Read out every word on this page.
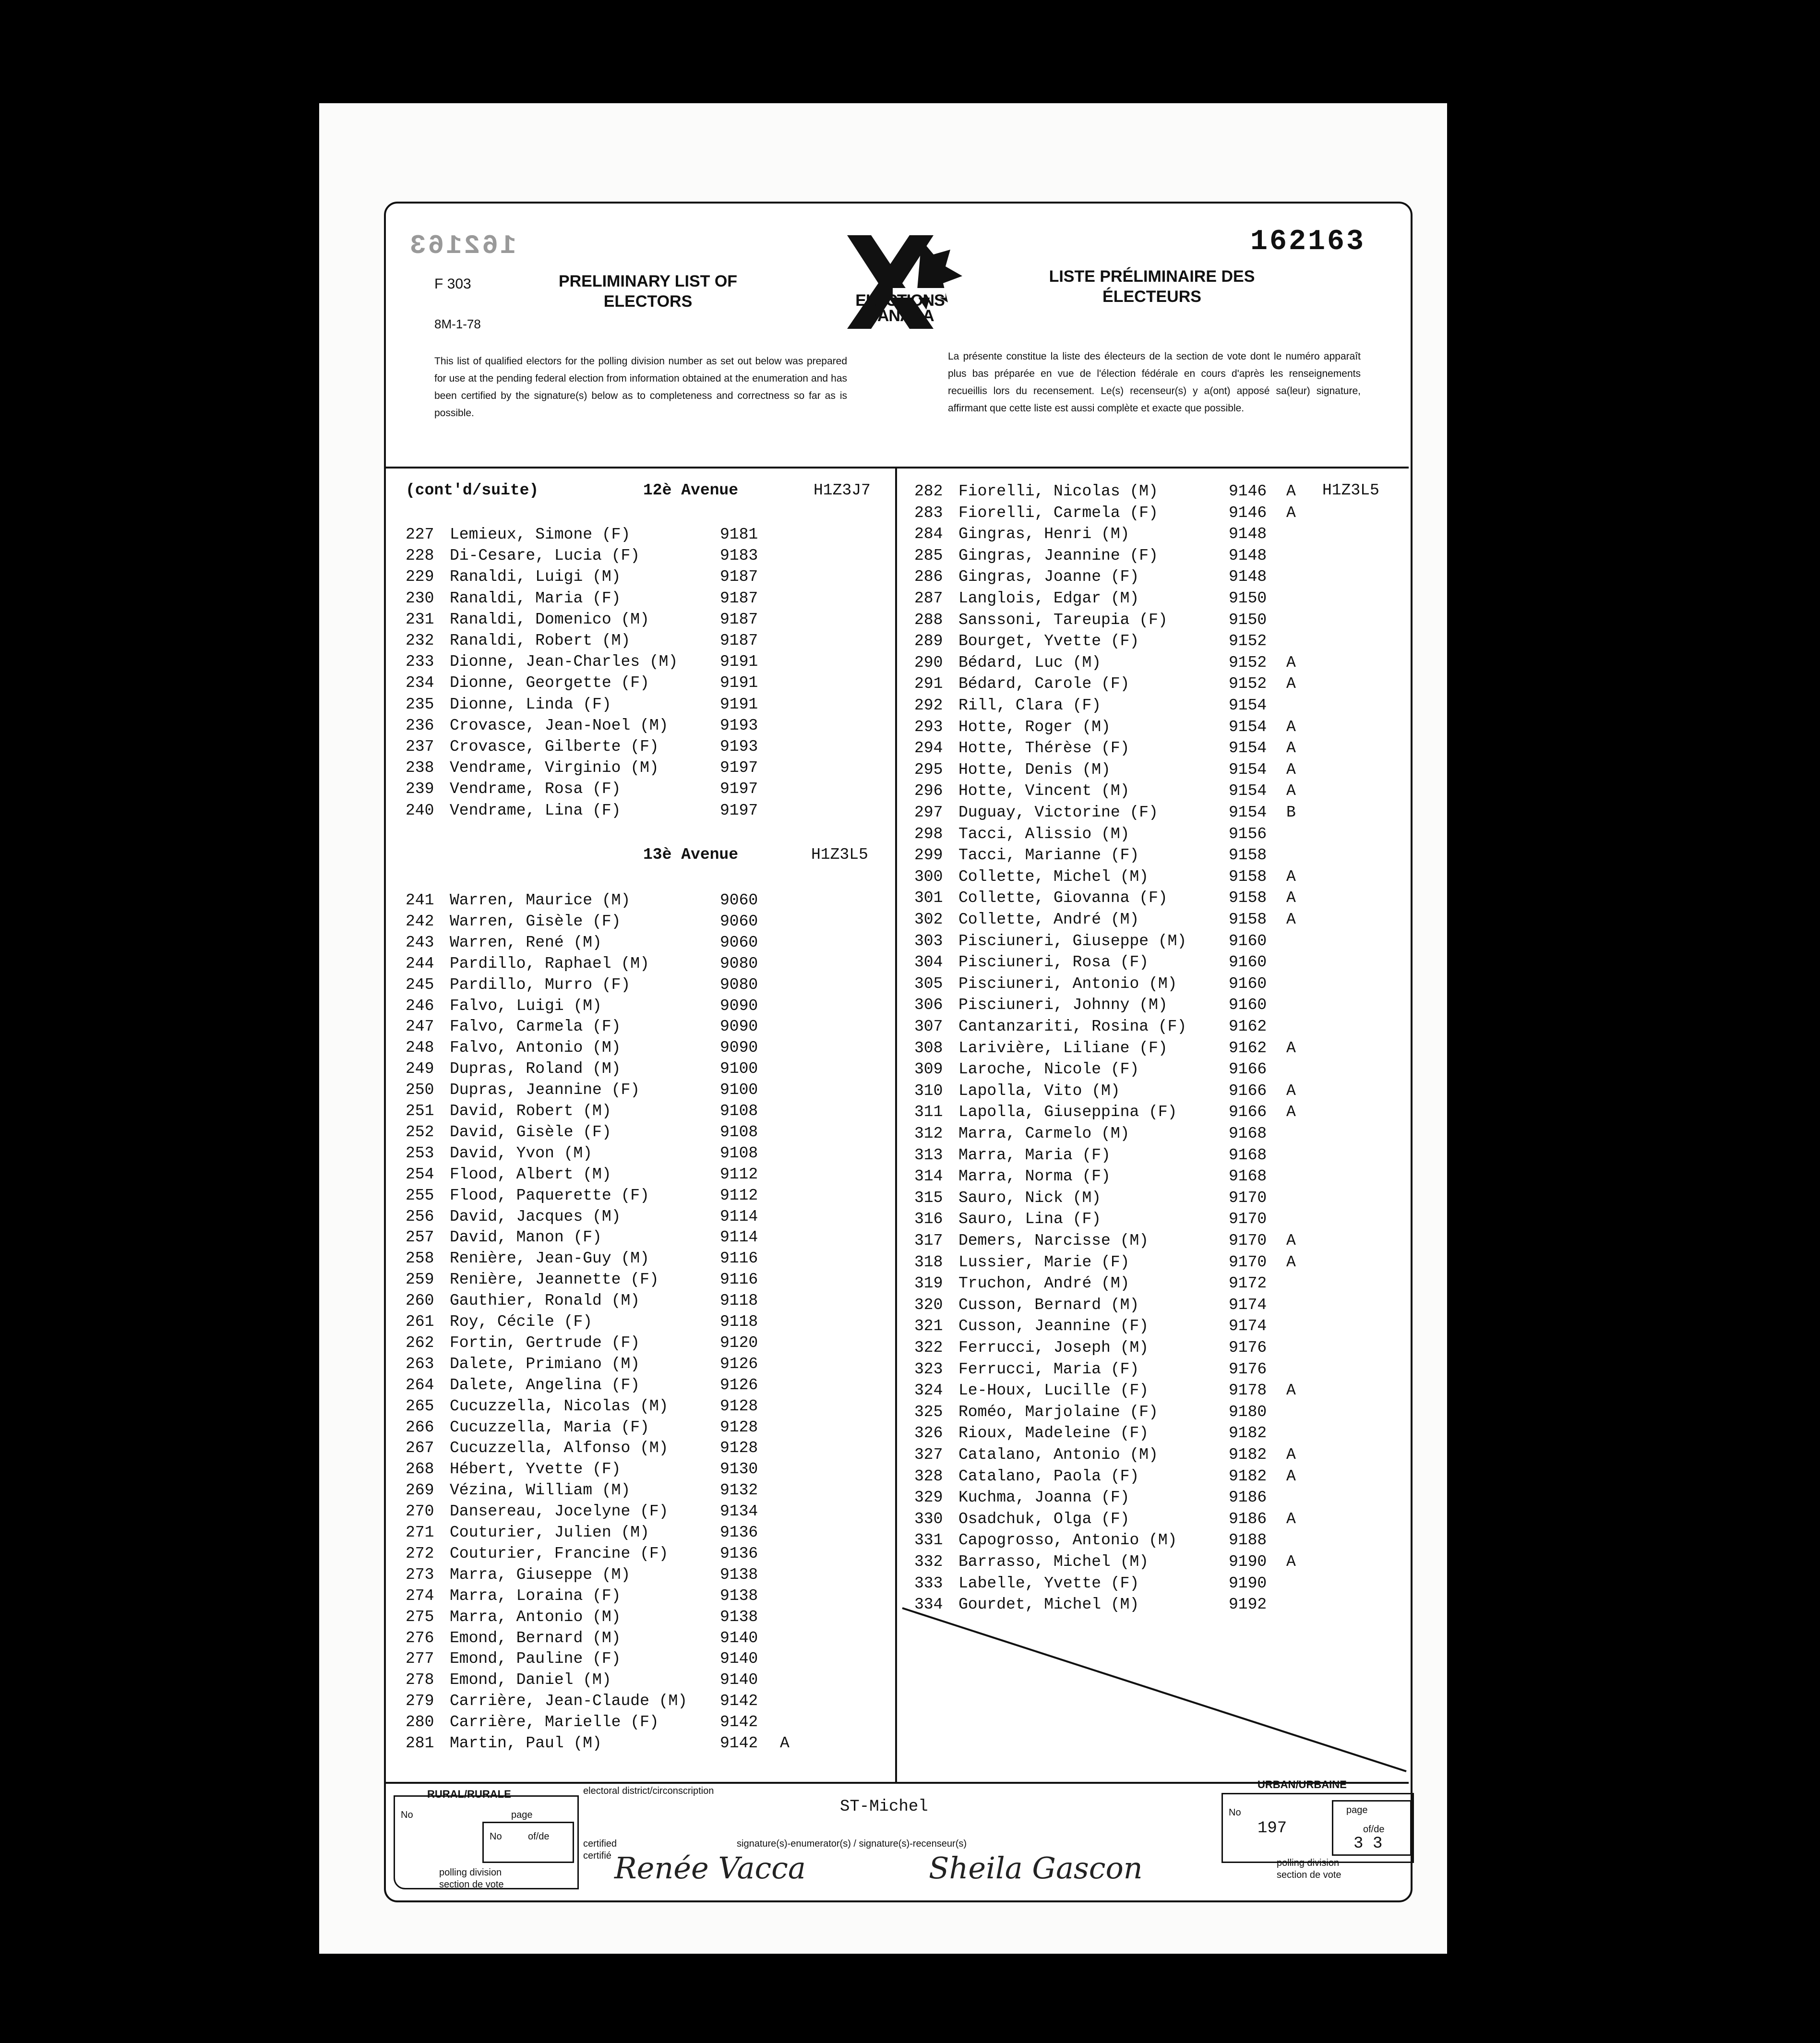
162163	162163
F 303
8M-1-78
PRELIMINARY LIST OF
ELECTORS
LISTE PRÉLIMINAIRE DES
ÉLECTEURS
ELECTIONS
CANADA
This list of qualified electors for the polling division number as set out below was prepared for use at the pending federal election from information obtained at the enumeration and has been certified by the signature(s) below as to completeness and correctness so far as is possible.
La présente constitue la liste des électeurs de la section de vote dont le numéro apparaît plus bas préparée en vue de l'élection fédérale en cours d'après les renseignements recueillis lors du recensement. Le(s) recenseur(s) y a(ont) apposé sa(leur) signature, affirmant que cette liste est aussi complète et exacte que possible.
(cont'd/suite)	12è Avenue	H1Z3J7
13è Avenue	H1Z3L5
H1Z3L5
227 Lemieux, Simone (F)	9181
228 Di-Cesare, Lucia (F)	9183
229 Ranaldi, Luigi (M)	9187
230 Ranaldi, Maria (F)	9187
231 Ranaldi, Domenico (M)	9187
232 Ranaldi, Robert (M)	9187
233 Dionne, Jean-Charles (M)	9191
234 Dionne, Georgette (F)	9191
235 Dionne, Linda (F)	9191
236 Crovasce, Jean-Noel (M)	9193
237 Crovasce, Gilberte (F)	9193
238 Vendrame, Virginio (M)	9197
239 Vendrame, Rosa (F)	9197
240 Vendrame, Lina (F)	9197
241 Warren, Maurice (M)	9060
242 Warren, Gisèle (F)	9060
243 Warren, René (M)	9060
244 Pardillo, Raphael (M)	9080
245 Pardillo, Murro (F)	9080
246 Falvo, Luigi (M)	9090
247 Falvo, Carmela (F)	9090
248 Falvo, Antonio (M)	9090
249 Dupras, Roland (M)	9100
250 Dupras, Jeannine (F)	9100
251 David, Robert (M)	9108
252 David, Gisèle (F)	9108
253 David, Yvon (M)	9108
254 Flood, Albert (M)	9112
255 Flood, Paquerette (F)	9112
256 David, Jacques (M)	9114
257 David, Manon (F)	9114
258 Renière, Jean-Guy (M)	9116
259 Renière, Jeannette (F)	9116
260 Gauthier, Ronald (M)	9118
261 Roy, Cécile (F)	9118
262 Fortin, Gertrude (F)	9120
263 Dalete, Primiano (M)	9126
264 Dalete, Angelina (F)	9126
265 Cucuzzella, Nicolas (M)	9128
266 Cucuzzella, Maria (F)	9128
267 Cucuzzella, Alfonso (M)	9128
268 Hébert, Yvette (F)	9130
269 Vézina, William (M)	9132
270 Dansereau, Jocelyne (F)	9134
271 Couturier, Julien (M)	9136
272 Couturier, Francine (F)	9136
273 Marra, Giuseppe (M)	9138
274 Marra, Loraina (F)	9138
275 Marra, Antonio (M)	9138
276 Emond, Bernard (M)	9140
277 Emond, Pauline (F)	9140
278 Emond, Daniel (M)	9140
279 Carrière, Jean-Claude (M) 9142
280 Carrière, Marielle (F)	9142
281 Martin, Paul (M)	9142 A
282 Fiorelli, Nicolas (M)	9146 A
283 Fiorelli, Carmela (F)	9146 A
284 Gingras, Henri (M)	9148
285 Gingras, Jeannine (F)	9148
286 Gingras, Joanne (F)	9148
287 Langlois, Edgar (M)	9150
288 Sanssoni, Tareupia (F)	9150
289 Bourget, Yvette (F)	9152
290 Bédard, Luc (M)	9152 A
291 Bédard, Carole (F)	9152 A
292 Rill, Clara (F)	9154
293 Hotte, Roger (M)	9154 A
294 Hotte, Thérèse (F)	9154 A
295 Hotte, Denis (M)	9154 A
296 Hotte, Vincent (M)	9154 A
297 Duguay, Victorine (F)	9154 B
298 Tacci, Alissio (M)	9156
299 Tacci, Marianne (F)	9158
300 Collette, Michel (M)	9158 A
301 Collette, Giovanna (F)	9158 A
302 Collette, André (M)	9158 A
303 Pisciuneri, Giuseppe (M)	9160
304 Pisciuneri, Rosa (F)	9160
305 Pisciuneri, Antonio (M)	9160
306 Pisciuneri, Johnny (M)	9160
307 Cantanzariti, Rosina (F)	9162
308 Larivière, Liliane (F)	9162 A
309 Laroche, Nicole (F)	9166
310 Lapolla, Vito (M)	9166 A
311 Lapolla, Giuseppina (F)	9166 A
312 Marra, Carmelo (M)	9168
313 Marra, Maria (F)	9168
314 Marra, Norma (F)	9168
315 Sauro, Nick (M)	9170
316 Sauro, Lina (F)	9170
317 Demers, Narcisse (M)	9170 A
318 Lussier, Marie (F)	9170 A
319 Truchon, André (M)	9172
320 Cusson, Bernard (M)	9174
321 Cusson, Jeannine (F)	9174
322 Ferrucci, Joseph (M)	9176
323 Ferrucci, Maria (F)	9176
324 Le-Houx, Lucille (F)	9178 A
325 Roméo, Marjolaine (F)	9180
326 Rioux, Madeleine (F)	9182
327 Catalano, Antonio (M)	9182 A
328 Catalano, Paola (F)	9182 A
329 Kuchma, Joanna (F)	9186
330 Osadchuk, Olga (F)	9186 A
331 Capogrosso, Antonio (M)	9188
332 Barrasso, Michel (M)	9190 A
333 Labelle, Yvette (F)	9190
334 Gourdet, Michel (M)	9192
RURAL/RURALE
URBAN/URBAINE
electoral district/circonscription
ST-Michel
No	page
No	of/de
No	page
of/de
197
3 3
certified
certifié
signature(s)-enumerator(s) / signature(s)-recenseur(s)
polling division
section de vote
polling division
section de vote
Renée Vacca	Sheila Gascon
